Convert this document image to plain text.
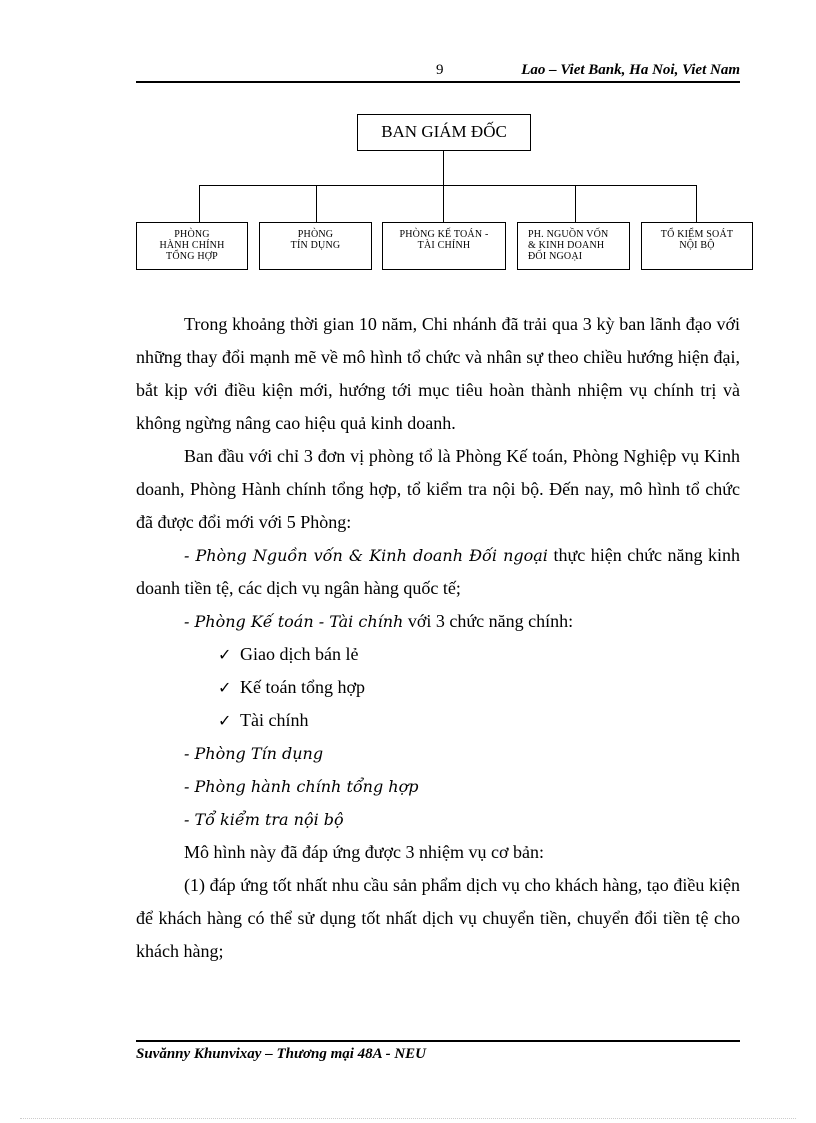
9	Lao – Viet Bank, Ha Noi, Viet Nam
BAN GIÁM ĐỐC
PHÒNG
HÀNH CHÍNH
TỔNG HỢP
PHÒNG
TÍN DỤNG
PHÒNG KẾ TOÁN -
TÀI CHÍNH
PH. NGUỒN VỐN
& KINH DOANH
ĐỐI NGOẠI
TỔ KIỂM SOÁT
NỘI BỘ

Trong khoảng thời gian 10 năm, Chi nhánh đã trải qua 3 kỳ ban lãnh đạo với những thay đổi mạnh mẽ về mô hình tổ chức và nhân sự theo chiều hướng hiện đại, bắt kịp với điều kiện mới, hướng tới mục tiêu hoàn thành nhiệm vụ chính trị và không ngừng nâng cao hiệu quả kinh doanh.

Ban đầu với chỉ 3 đơn vị phòng tổ là Phòng Kế toán, Phòng Nghiệp vụ Kinh doanh, Phòng Hành chính tổng hợp, tổ kiểm tra nội bộ. Đến nay, mô hình tổ chức đã được đổi mới với 5 Phòng:

- Phòng Nguồn vốn & Kinh doanh Đối ngoại thực hiện chức năng kinh doanh tiền tệ, các dịch vụ ngân hàng quốc tế;

- Phòng Kế toán - Tài chính với 3 chức năng chính:

✓ Giao dịch bán lẻ

✓ Kế toán tổng hợp

✓ Tài chính

- Phòng Tín dụng

- Phòng hành chính tổng hợp

- Tổ kiểm tra nội bộ

Mô hình này đã đáp ứng được 3 nhiệm vụ cơ bản:

(1) đáp ứng tốt nhất nhu cầu sản phẩm dịch vụ cho khách hàng, tạo điều kiện để khách hàng có thể sử dụng tốt nhất dịch vụ chuyển tiền, chuyển đổi tiền tệ cho khách hàng;

Suvănny Khunvixay – Thương mại 48A - NEU
